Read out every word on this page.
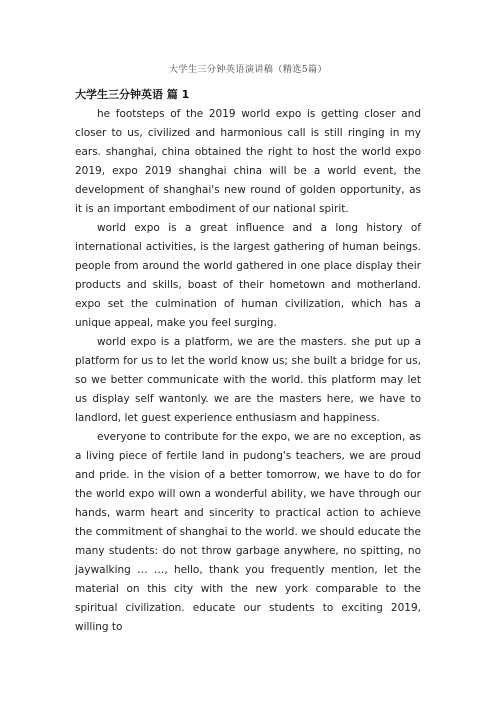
大学生三分钟英语演讲稿（精选5篇）
大学生三分钟英语 篇 1

he footsteps of the 2019 world expo is getting closer and closer to us, civilized and harmonious call is still ringing in my ears. shanghai, china obtained the right to host the world expo 2019, expo 2019 shanghai china will be a world event, the development of shanghai's new round of golden opportunity, as it is an important embodiment of our national spirit.

world expo is a great influence and a long history of international activities, is the largest gathering of human beings. people from around the world gathered in one place display their products and skills, boast of their hometown and motherland. expo set the culmination of human civilization, which has a unique appeal, make you feel surging.

world expo is a platform, we are the masters. she put up a platform for us to let the world know us; she built a bridge for us, so we better communicate with the world. this platform may let us display self wantonly. we are the masters here, we have to landlord, let guest experience enthusiasm and happiness.

everyone to contribute for the expo, we are no exception, as a living piece of fertile land in pudong's teachers, we are proud and pride. in the vision of a better tomorrow, we have to do for the world expo will own a wonderful ability, we have through our hands, warm heart and sincerity to practical action to achieve the commitment of shanghai to the world. we should educate the many students: do not throw garbage anywhere, no spitting, no jaywalking … …, hello, thank you frequently mention, let the material on this city with the new york comparable to the spiritual civilization. educate our students to exciting 2019, willing to
